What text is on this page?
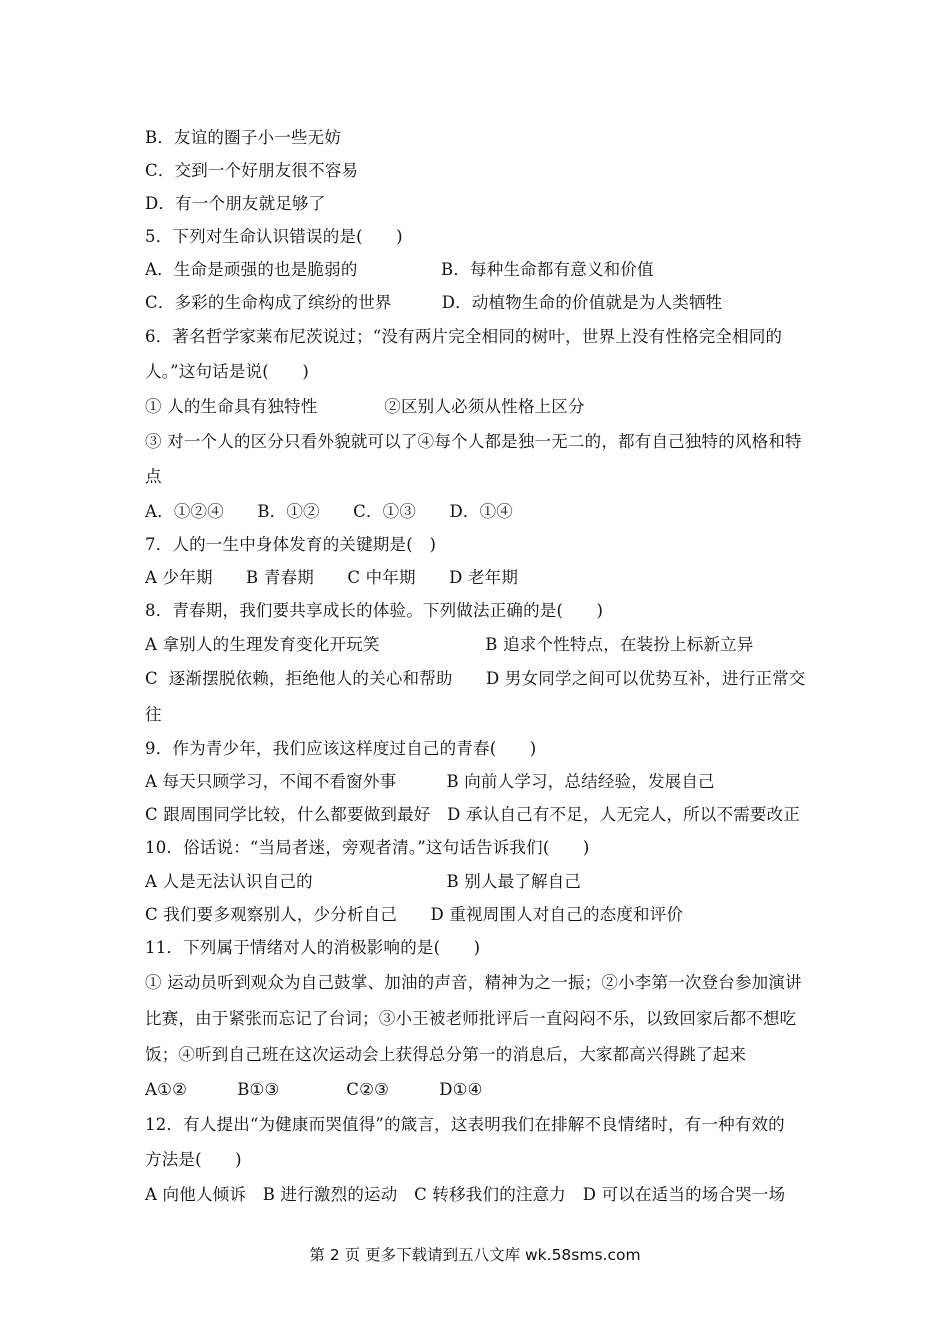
B．友谊的圈子小一些无妨
C．交到一个好朋友很不容易
D．有一个朋友就足够了
5．下列对生命认识错误的是(　　)
A．生命是顽强的也是脆弱的　　　　　B．每种生命都有意义和价值
C．多彩的生命构成了缤纷的世界　　　D．动植物生命的价值就是为人类牺牲
6．著名哲学家莱布尼茨说过；“没有两片完全相同的树叶，世界上没有性格完全相同的
人。”这句话是说(　　)
① 人的生命具有独特性　　　　②区别人必须从性格上区分
③ 对一个人的区分只看外貌就可以了④每个人都是独一无二的，都有自己独特的风格和特
点
A．①②④　　B．①②　　C．①③　　D．①④
7．人的一生中身体发育的关键期是(　)
A 少年期　　B 青春期　　C 中年期　　D 老年期
8．青春期，我们要共享成长的体验。下列做法正确的是(　　)
A 拿别人的生理发育变化开玩笑　　　　　　 B 追求个性特点，在装扮上标新立异
C  逐渐摆脱依赖，拒绝他人的关心和帮助　　D 男女同学之间可以优势互补，进行正常交
往
9．作为青少年，我们应该这样度过自己的青春(　　)
A 每天只顾学习，不闻不看窗外事　　　B 向前人学习，总结经验，发展自己
C 跟周围同学比较，什么都要做到最好　D 承认自己有不足，人无完人，所以不需要改正
10．俗话说：“当局者迷，旁观者清。”这句话告诉我们(　　)
A 人是无法认识自己的　　　　　　　　B 别人最了解自己
C 我们要多观察别人，少分析自己　　D 重视周围人对自己的态度和评价
11．下列属于情绪对人的消极影响的是(　　)
① 运动员听到观众为自己鼓掌、加油的声音，精神为之一振；②小李第一次登台参加演讲
比赛，由于紧张而忘记了台词；③小王被老师批评后一直闷闷不乐，以致回家后都不想吃
饭；④听到自己班在这次运动会上获得总分第一的消息后，大家都高兴得跳了起来
A①②　　　B①③　　　　C②③　　　D①④
12．有人提出“为健康而哭值得”的箴言，这表明我们在排解不良情绪时，有一种有效的
方法是(　　)
A 向他人倾诉　B 进行激烈的运动　C 转移我们的注意力　D 可以在适当的场合哭一场
第 2 页 更多下载请到五八文库 wk.58sms.com
